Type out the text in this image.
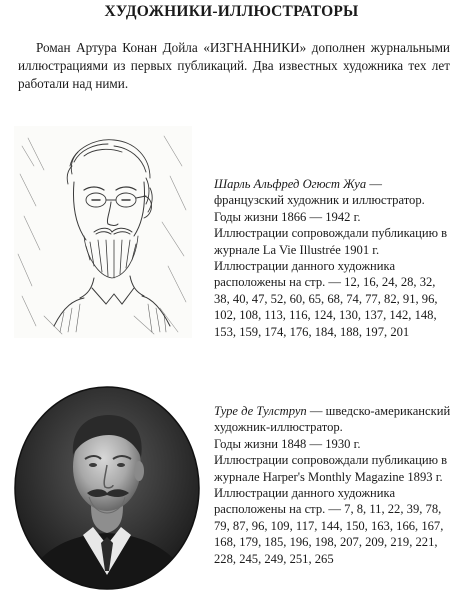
ХУДОЖНИКИ-ИЛЛЮСТРАТОРЫ
Роман Артура Конан Дойла «ИЗГНАННИКИ» дополнен журнальными иллюстрациями из первых публикаций. Два известных художника тех лет работали над ними.

Шарль Альфред Огюст Жуа — французский художник и иллюстратор.

Годы жизни 1866 — 1942 г.

Иллюстрации сопровождали публикацию в журнале La Vie Illustrée 1901 г.

Иллюстрации данного художника расположены на стр. — 12, 16, 24, 28, 32, 38, 40, 47, 52, 60, 65, 68, 74, 77, 82, 91, 96, 102, 108, 113, 116, 124, 130, 137, 142, 148, 153, 159, 174, 176, 184, 188, 197, 201

Туре де Тулструп — шведско-американский художник-иллюстратор.

Годы жизни 1848 — 1930 г.

Иллюстрации сопровождали публикацию в журнале Harper's Monthly Magazine 1893 г.

Иллюстрации данного художника расположены на стр. — 7, 8, 11, 22, 39, 78, 79, 87, 96, 109, 117, 144, 150, 163, 166, 167, 168, 179, 185, 196, 198, 207, 209, 219, 221, 228, 245, 249, 251, 265
